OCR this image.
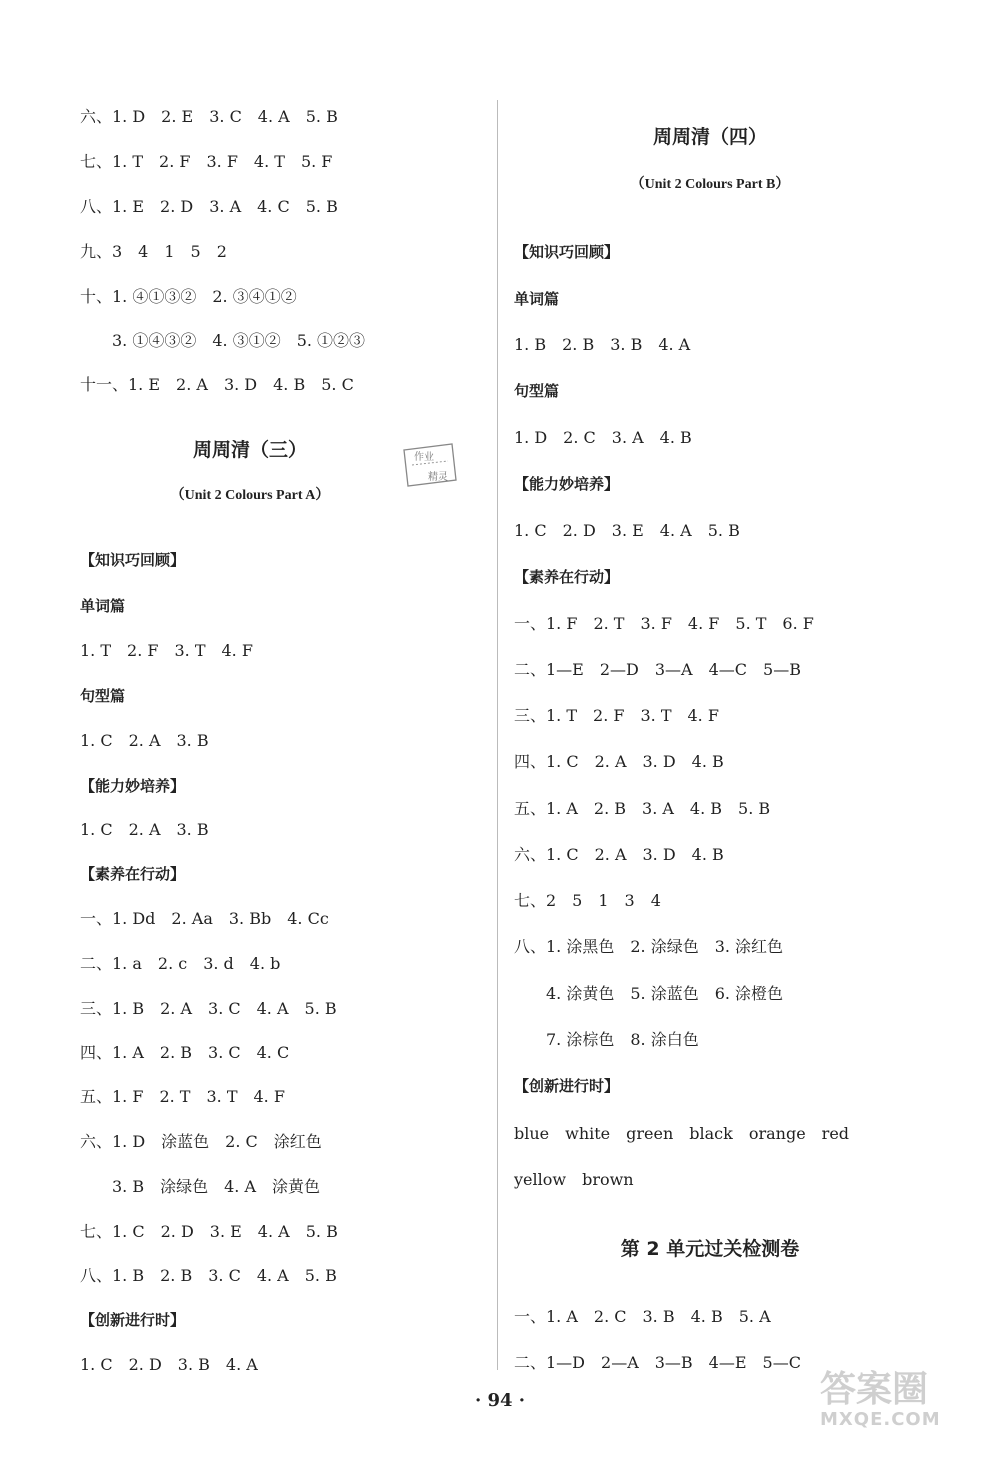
六、1. D　2. E　3. C　4. A　5. B
七、1. T　2. F　3. F　4. T　5. F
八、1. E　2. D　3. A　4. C　5. B
九、3　4　1　5　2
十、1. ④①③②　2. ③④①②
　　3. ①④③②　4. ③①②　5. ①②③
十一、1. E　2. A　3. D　4. B　5. C
【知识巧回顾】
单词篇
1. T　2. F　3. T　4. F
句型篇
1. C　2. A　3. B
【能力妙培养】
1. C　2. A　3. B
【素养在行动】
一、1. Dd　2. Aa　3. Bb　4. Cc
二、1. a　2. c　3. d　4. b
三、1. B　2. A　3. C　4. A　5. B
四、1. A　2. B　3. C　4. C
五、1. F　2. T　3. T　4. F
六、1. D　涂蓝色　2. C　涂红色
　　3. B　涂绿色　4. A　涂黄色
七、1. C　2. D　3. E　4. A　5. B
八、1. B　2. B　3. C　4. A　5. B
【创新进行时】
1. C　2. D　3. B　4. A
【知识巧回顾】
单词篇
1. B　2. B　3. B　4. A
句型篇
1. D　2. C　3. A　4. B
【能力妙培养】
1. C　2. D　3. E　4. A　5. B
【素养在行动】
一、1. F　2. T　3. F　4. F　5. T　6. F
二、1—E　2—D　3—A　4—C　5—B
三、1. T　2. F　3. T　4. F
四、1. C　2. A　3. D　4. B
五、1. A　2. B　3. A　4. B　5. B
六、1. C　2. A　3. D　4. B
七、2　5　1　3　4
八、1. 涂黑色　2. 涂绿色　3. 涂红色
　　4. 涂黄色　5. 涂蓝色　6. 涂橙色
　　7. 涂棕色　8. 涂白色
【创新进行时】
blue　white　green　black　orange　red
yellow　brown
一、1. A　2. C　3. B　4. B　5. A
二、1—D　2—A　3—B　4—E　5—C
周周清（三）
（Unit 2 Colours Part A）
周周清（四）
（Unit 2 Colours Part B）
第 2 单元过关检测卷
作业
精灵
· 94 ·	答案圈
MXQE.COM
